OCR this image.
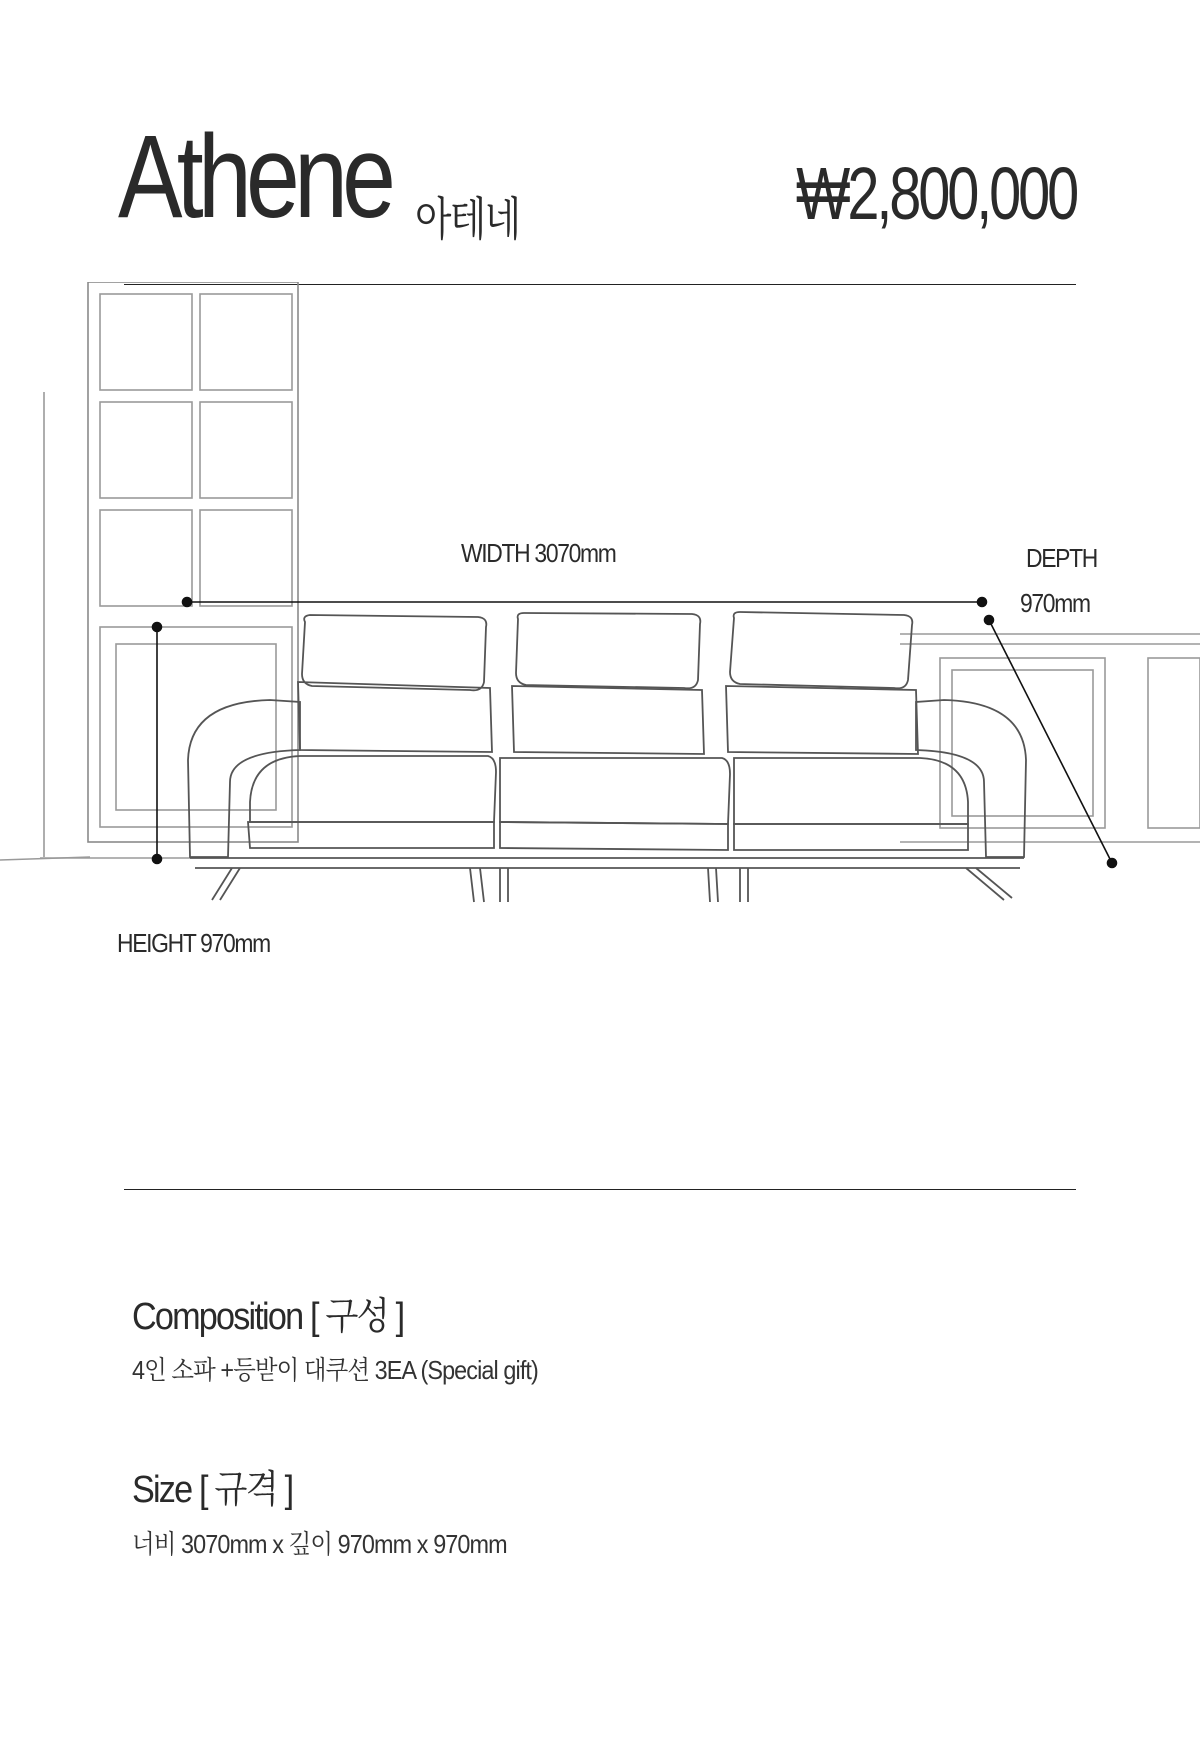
Athene 아테네	₩2,800,000
WIDTH 3070mm	DEPTH
970mm
HEIGHT 970mm
Composition [ 구성 ]
4인 소파 +등받이 대쿠션 3EA (Special gift)
Size [ 규격 ]
너비 3070mm x 깊이 970mm x 970mm
